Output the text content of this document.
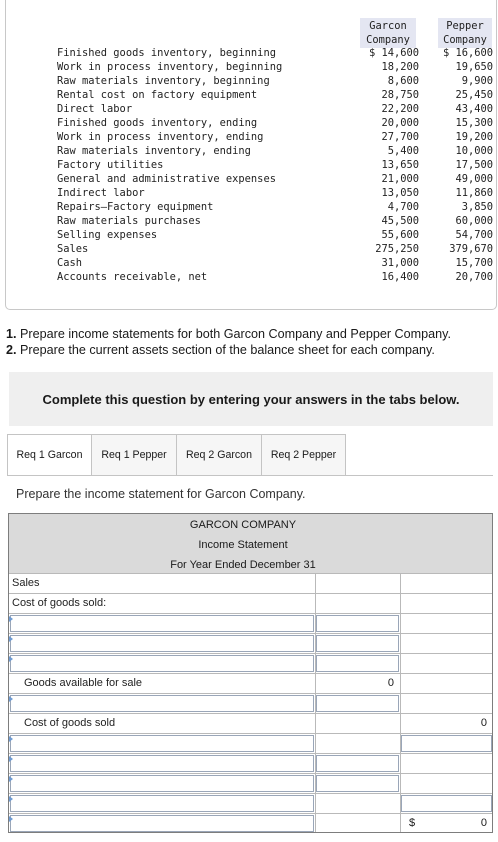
Garcon
Company
Pepper
Company
Finished goods inventory, beginning	$ 14,600 $ 16,600
Work in process inventory, beginning	18,200	19,650
Raw materials inventory, beginning	8,600	9,900
Rental cost on factory equipment	28,750	25,450
Direct labor	22,200	43,400
Finished goods inventory, ending	20,000	15,300
Work in process inventory, ending	27,700	19,200
Raw materials inventory, ending	5,400	10,000
Factory utilities	13,650	17,500
General and administrative expenses	21,000	49,000
Indirect labor	13,050	11,860
Repairs—Factory equipment	4,700	3,850
Raw materials purchases	45,500	60,000
Selling expenses	55,600	54,700
Sales	275,250	379,670
Cash	31,000	15,700
Accounts receivable, net	16,400	20,700
1. Prepare income statements for both Garcon Company and Pepper Company.
2. Prepare the current assets section of the balance sheet for each company.
Complete this question by entering your answers in the tabs below.
Req 1 Garcon	Req 1 Pepper	Req 2 Garcon	Req 2 Pepper
Prepare the income statement for Garcon Company.
GARCON COMPANY
Income Statement
For Year Ended December 31
Sales
Cost of goods sold:
Goods available for sale	0
Cost of goods sold	0
$	0
